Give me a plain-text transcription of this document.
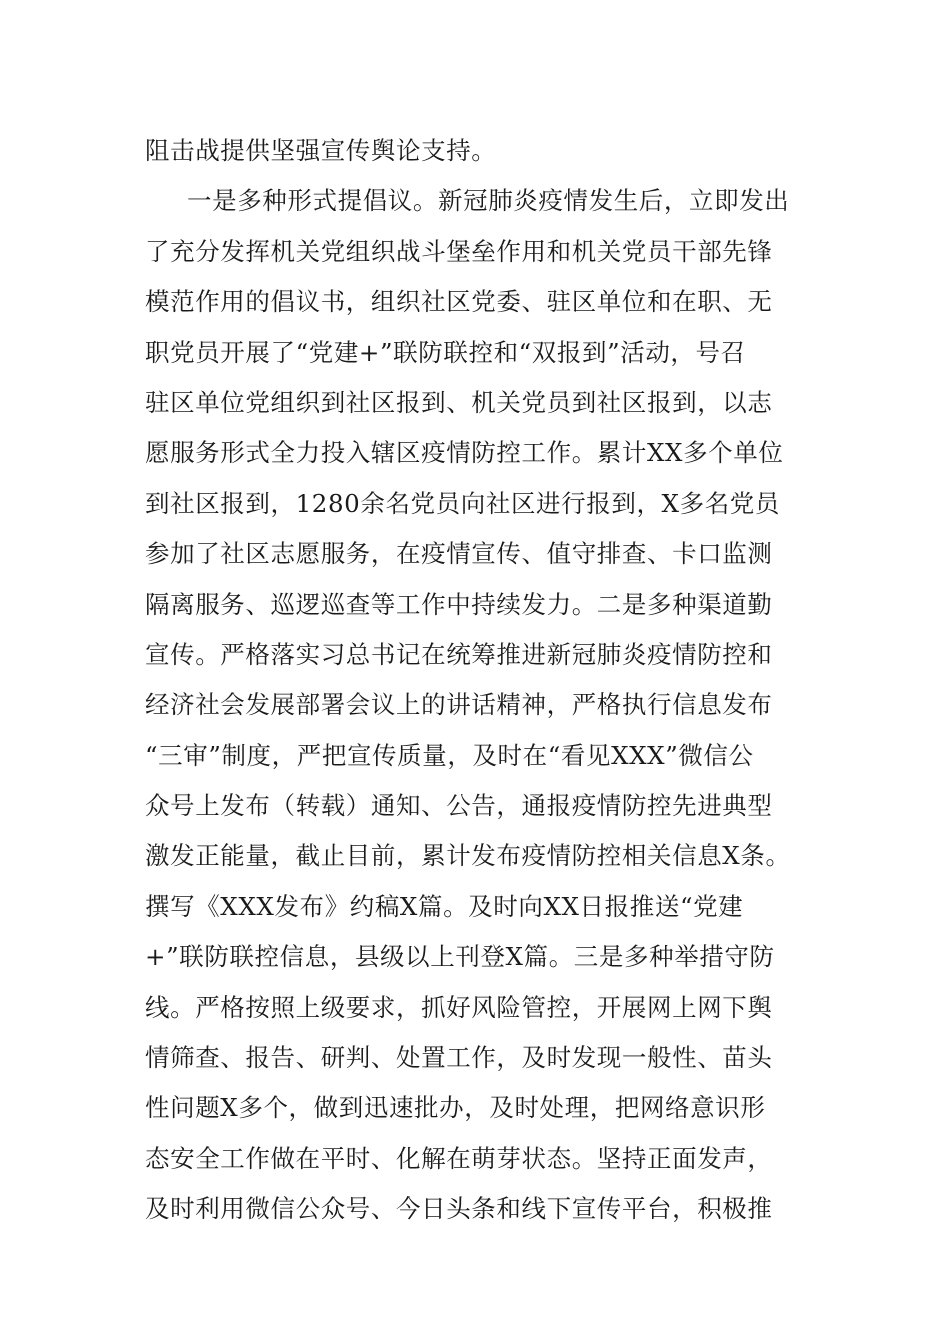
阻击战提供坚强宣传舆论支持。
一是多种形式提倡议。新冠肺炎疫情发生后，立即发出
了充分发挥机关党组织战斗堡垒作用和机关党员干部先锋
模范作用的倡议书，组织社区党委、驻区单位和在职、无
职党员开展了“党建+”联防联控和“双报到”活动，号召
驻区单位党组织到社区报到、机关党员到社区报到，以志
愿服务形式全力投入辖区疫情防控工作。累计XX多个单位
到社区报到，1280余名党员向社区进行报到，X多名党员
参加了社区志愿服务，在疫情宣传、值守排查、卡口监测
隔离服务、巡逻巡查等工作中持续发力。二是多种渠道勤
宣传。严格落实习总书记在统筹推进新冠肺炎疫情防控和
经济社会发展部署会议上的讲话精神，严格执行信息发布
“三审”制度，严把宣传质量，及时在“看见XXX”微信公
众号上发布（转载）通知、公告，通报疫情防控先进典型
激发正能量，截止目前，累计发布疫情防控相关信息X条。
撰写《XXX发布》约稿X篇。及时向XX日报推送“党建
+”联防联控信息，县级以上刊登X篇。三是多种举措守防
线。严格按照上级要求，抓好风险管控，开展网上网下舆
情筛查、报告、研判、处置工作，及时发现一般性、苗头
性问题X多个，做到迅速批办，及时处理，把网络意识形
态安全工作做在平时、化解在萌芽状态。坚持正面发声，
及时利用微信公众号、今日头条和线下宣传平台，积极推
